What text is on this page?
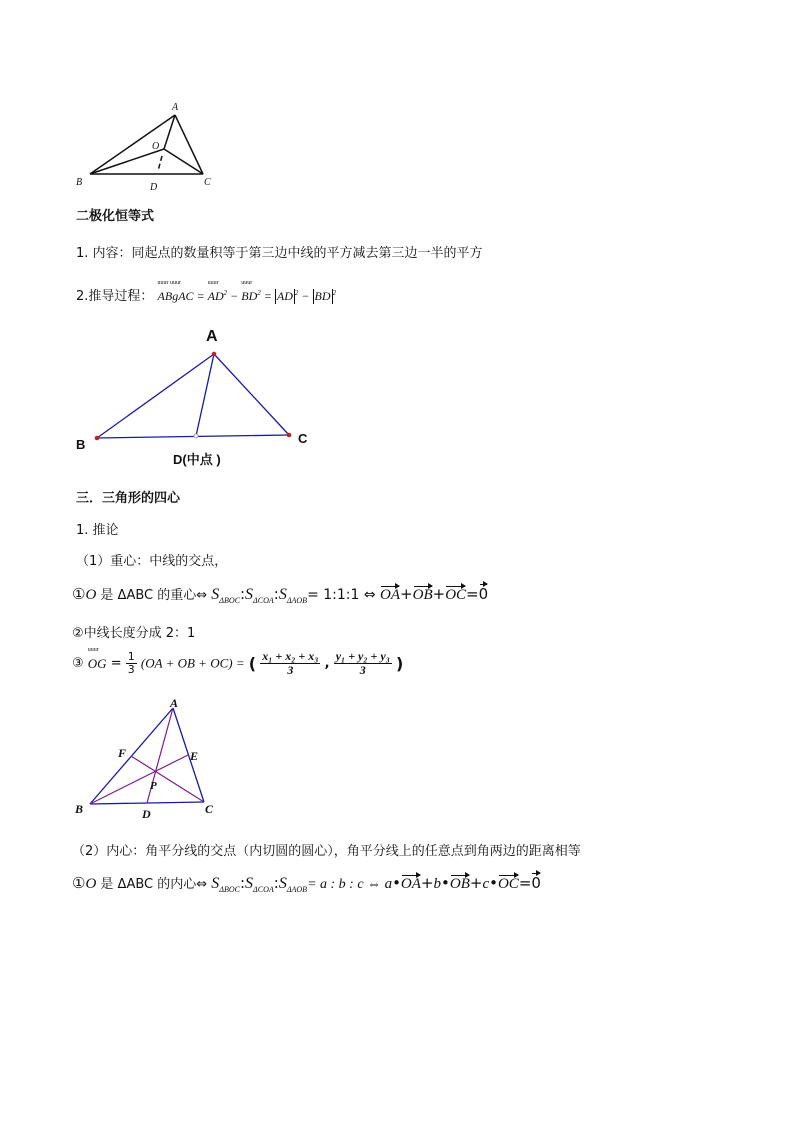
A
O
B	D	C
二极化恒等式
1. 内容：同起点的数量积等于第三边中线的平方减去第三边一半的平方
2.推导过程：
uuur uuur
ABgAC =
uuur
$AD^2$ −
uuur
$BD^2$ = AD $^2$ − BD $^2$
A
B	C
D(中点 )
三．三角形的四心
1. 推论
（1）重心：中线的交点，
①O 是 ΔABC 的重心⇔ $S_{\Delta BOC}:S_{\Delta COA}:S_{\Delta AOB}=$ 1:1:1 ⇔ OA+OB+OC=0
②中线长度分成 2：1
③
uuur
OG = $\frac{1}{3} (OA$ + OB + OC) = ( $\frac{\text{x₁ + x₂ + x₃}}{3}$ , $\frac{\text{y₁ + y₂ + y₃}}{3}$ )
A
F	E
P
B	D	C
（2）内心：角平分线的交点（内切圆的圆心），角平分线上的任意点到角两边的距离相等
①O 是 ΔABC 的内心⇔ $S_{\Delta BOC}:S_{\Delta COA}:S_{\Delta AOB}= a$ : b : c ⇔ a•OA+b•OB+c•OC=0
